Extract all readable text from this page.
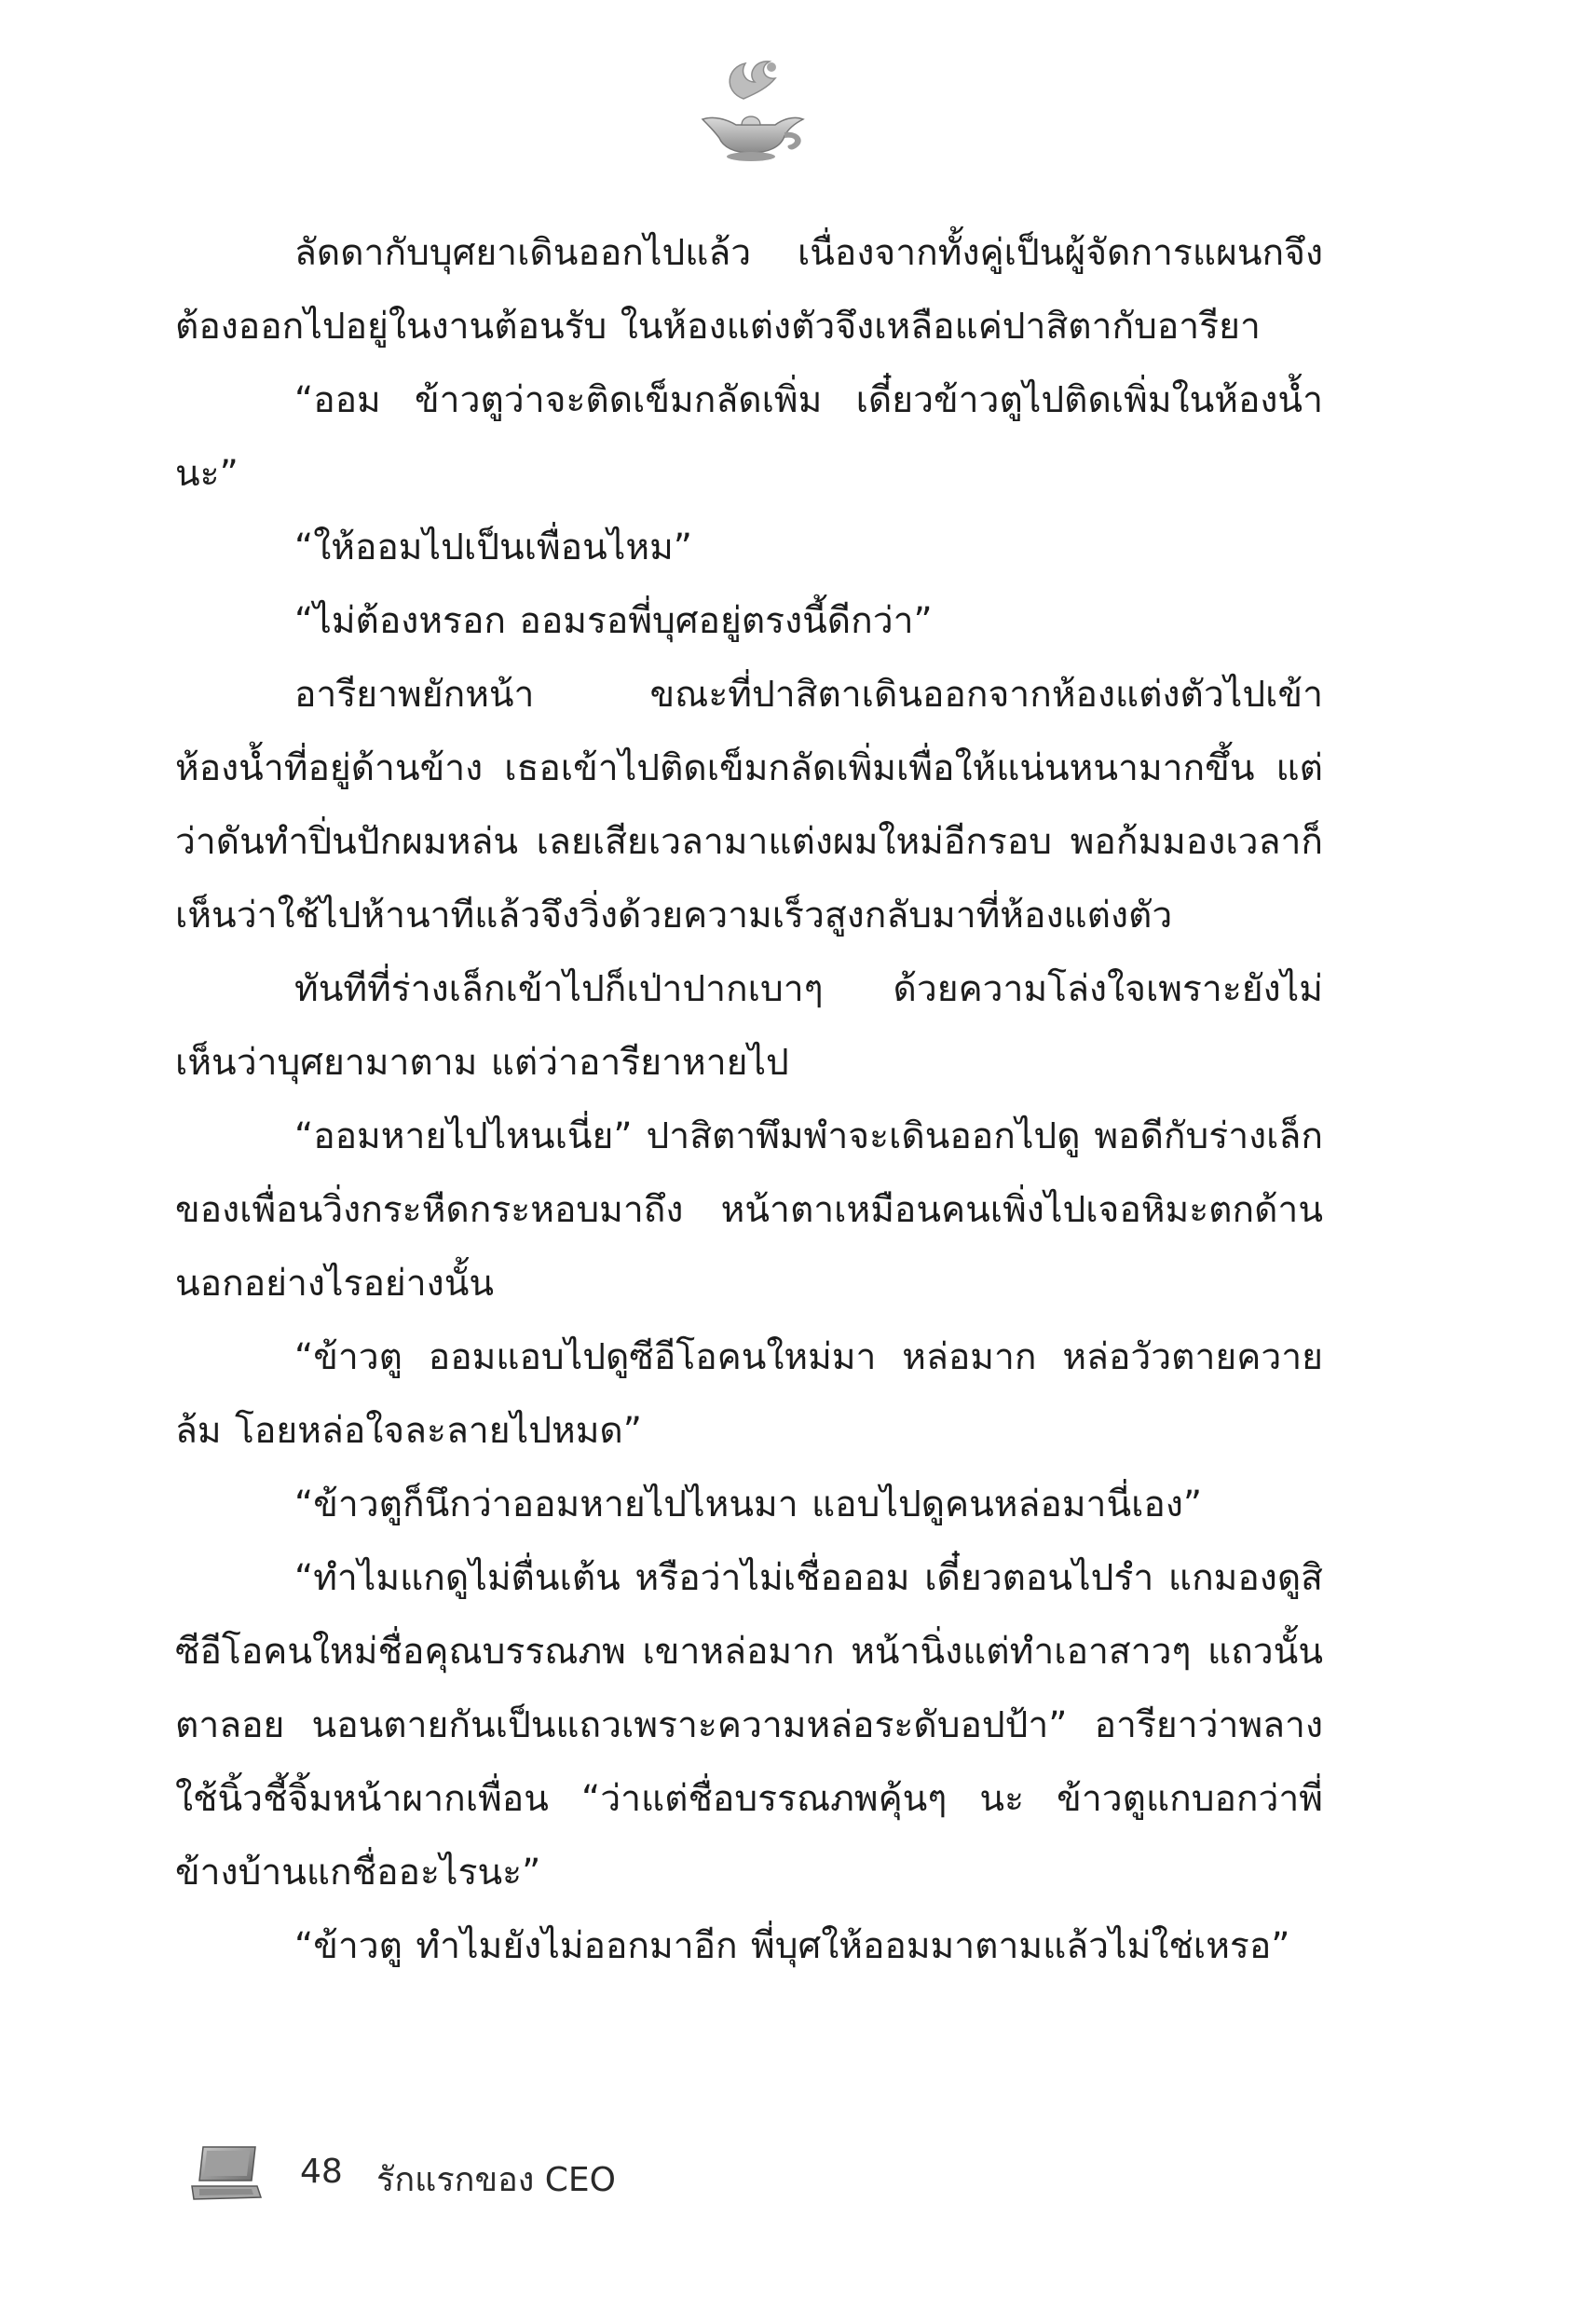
ลัดดากับบุศยาเดินออกไปแล้ว เนื่องจากทั้งคู่เป็นผู้จัดการแผนกจึงต้องออกไปอยู่ในงานต้อนรับ ในห้องแต่งตัวจึงเหลือแค่ปาสิตากับอารียา

“ออม ข้าวตูว่าจะติดเข็มกลัดเพิ่ม เดี๋ยวข้าวตูไปติดเพิ่มในห้องน้ำนะ”

“ให้ออมไปเป็นเพื่อนไหม”

“ไม่ต้องหรอก ออมรอพี่บุศอยู่ตรงนี้ดีกว่า”

อารียาพยักหน้า ขณะที่ปาสิตาเดินออกจากห้องแต่งตัวไปเข้าห้องน้ำที่อยู่ด้านข้าง เธอเข้าไปติดเข็มกลัดเพิ่มเพื่อให้แน่นหนามากขึ้น แต่ว่าดันทำปิ่นปักผมหล่น เลยเสียเวลามาแต่งผมใหม่อีกรอบ พอก้มมองเวลาก็เห็นว่าใช้ไปห้านาทีแล้วจึงวิ่งด้วยความเร็วสูงกลับมาที่ห้องแต่งตัว

ทันทีที่ร่างเล็กเข้าไปก็เป่าปากเบาๆ ด้วยความโล่งใจเพราะยังไม่เห็นว่าบุศยามาตาม แต่ว่าอารียาหายไป

“ออมหายไปไหนเนี่ย” ปาสิตาพึมพำจะเดินออกไปดู พอดีกับร่างเล็กของเพื่อนวิ่งกระหืดกระหอบมาถึง หน้าตาเหมือนคนเพิ่งไปเจอหิมะตกด้านนอกอย่างไรอย่างนั้น

“ข้าวตู ออมแอบไปดูซีอีโอคนใหม่มา หล่อมาก หล่อวัวตายควายล้ม โอยหล่อใจละลายไปหมด”

“ข้าวตูก็นึกว่าออมหายไปไหนมา แอบไปดูคนหล่อมานี่เอง”

“ทำไมแกดูไม่ตื่นเต้น หรือว่าไม่เชื่อออม เดี๋ยวตอนไปรำ แกมองดูสิ ซีอีโอคนใหม่ชื่อคุณบรรณภพ เขาหล่อมาก หน้านิ่งแต่ทำเอาสาวๆ แถวนั้นตาลอย นอนตายกันเป็นแถวเพราะความหล่อระดับอปป้า” อารียาว่าพลางใช้นิ้วชี้จิ้มหน้าผากเพื่อน “ว่าแต่ชื่อบรรณภพคุ้นๆ นะ ข้าวตูแกบอกว่าพี่ข้างบ้านแกชื่ออะไรนะ”

“ข้าวตู ทำไมยังไม่ออกมาอีก พี่บุศให้ออมมาตามแล้วไม่ใช่เหรอ”

48 รักแรกของ CEO
